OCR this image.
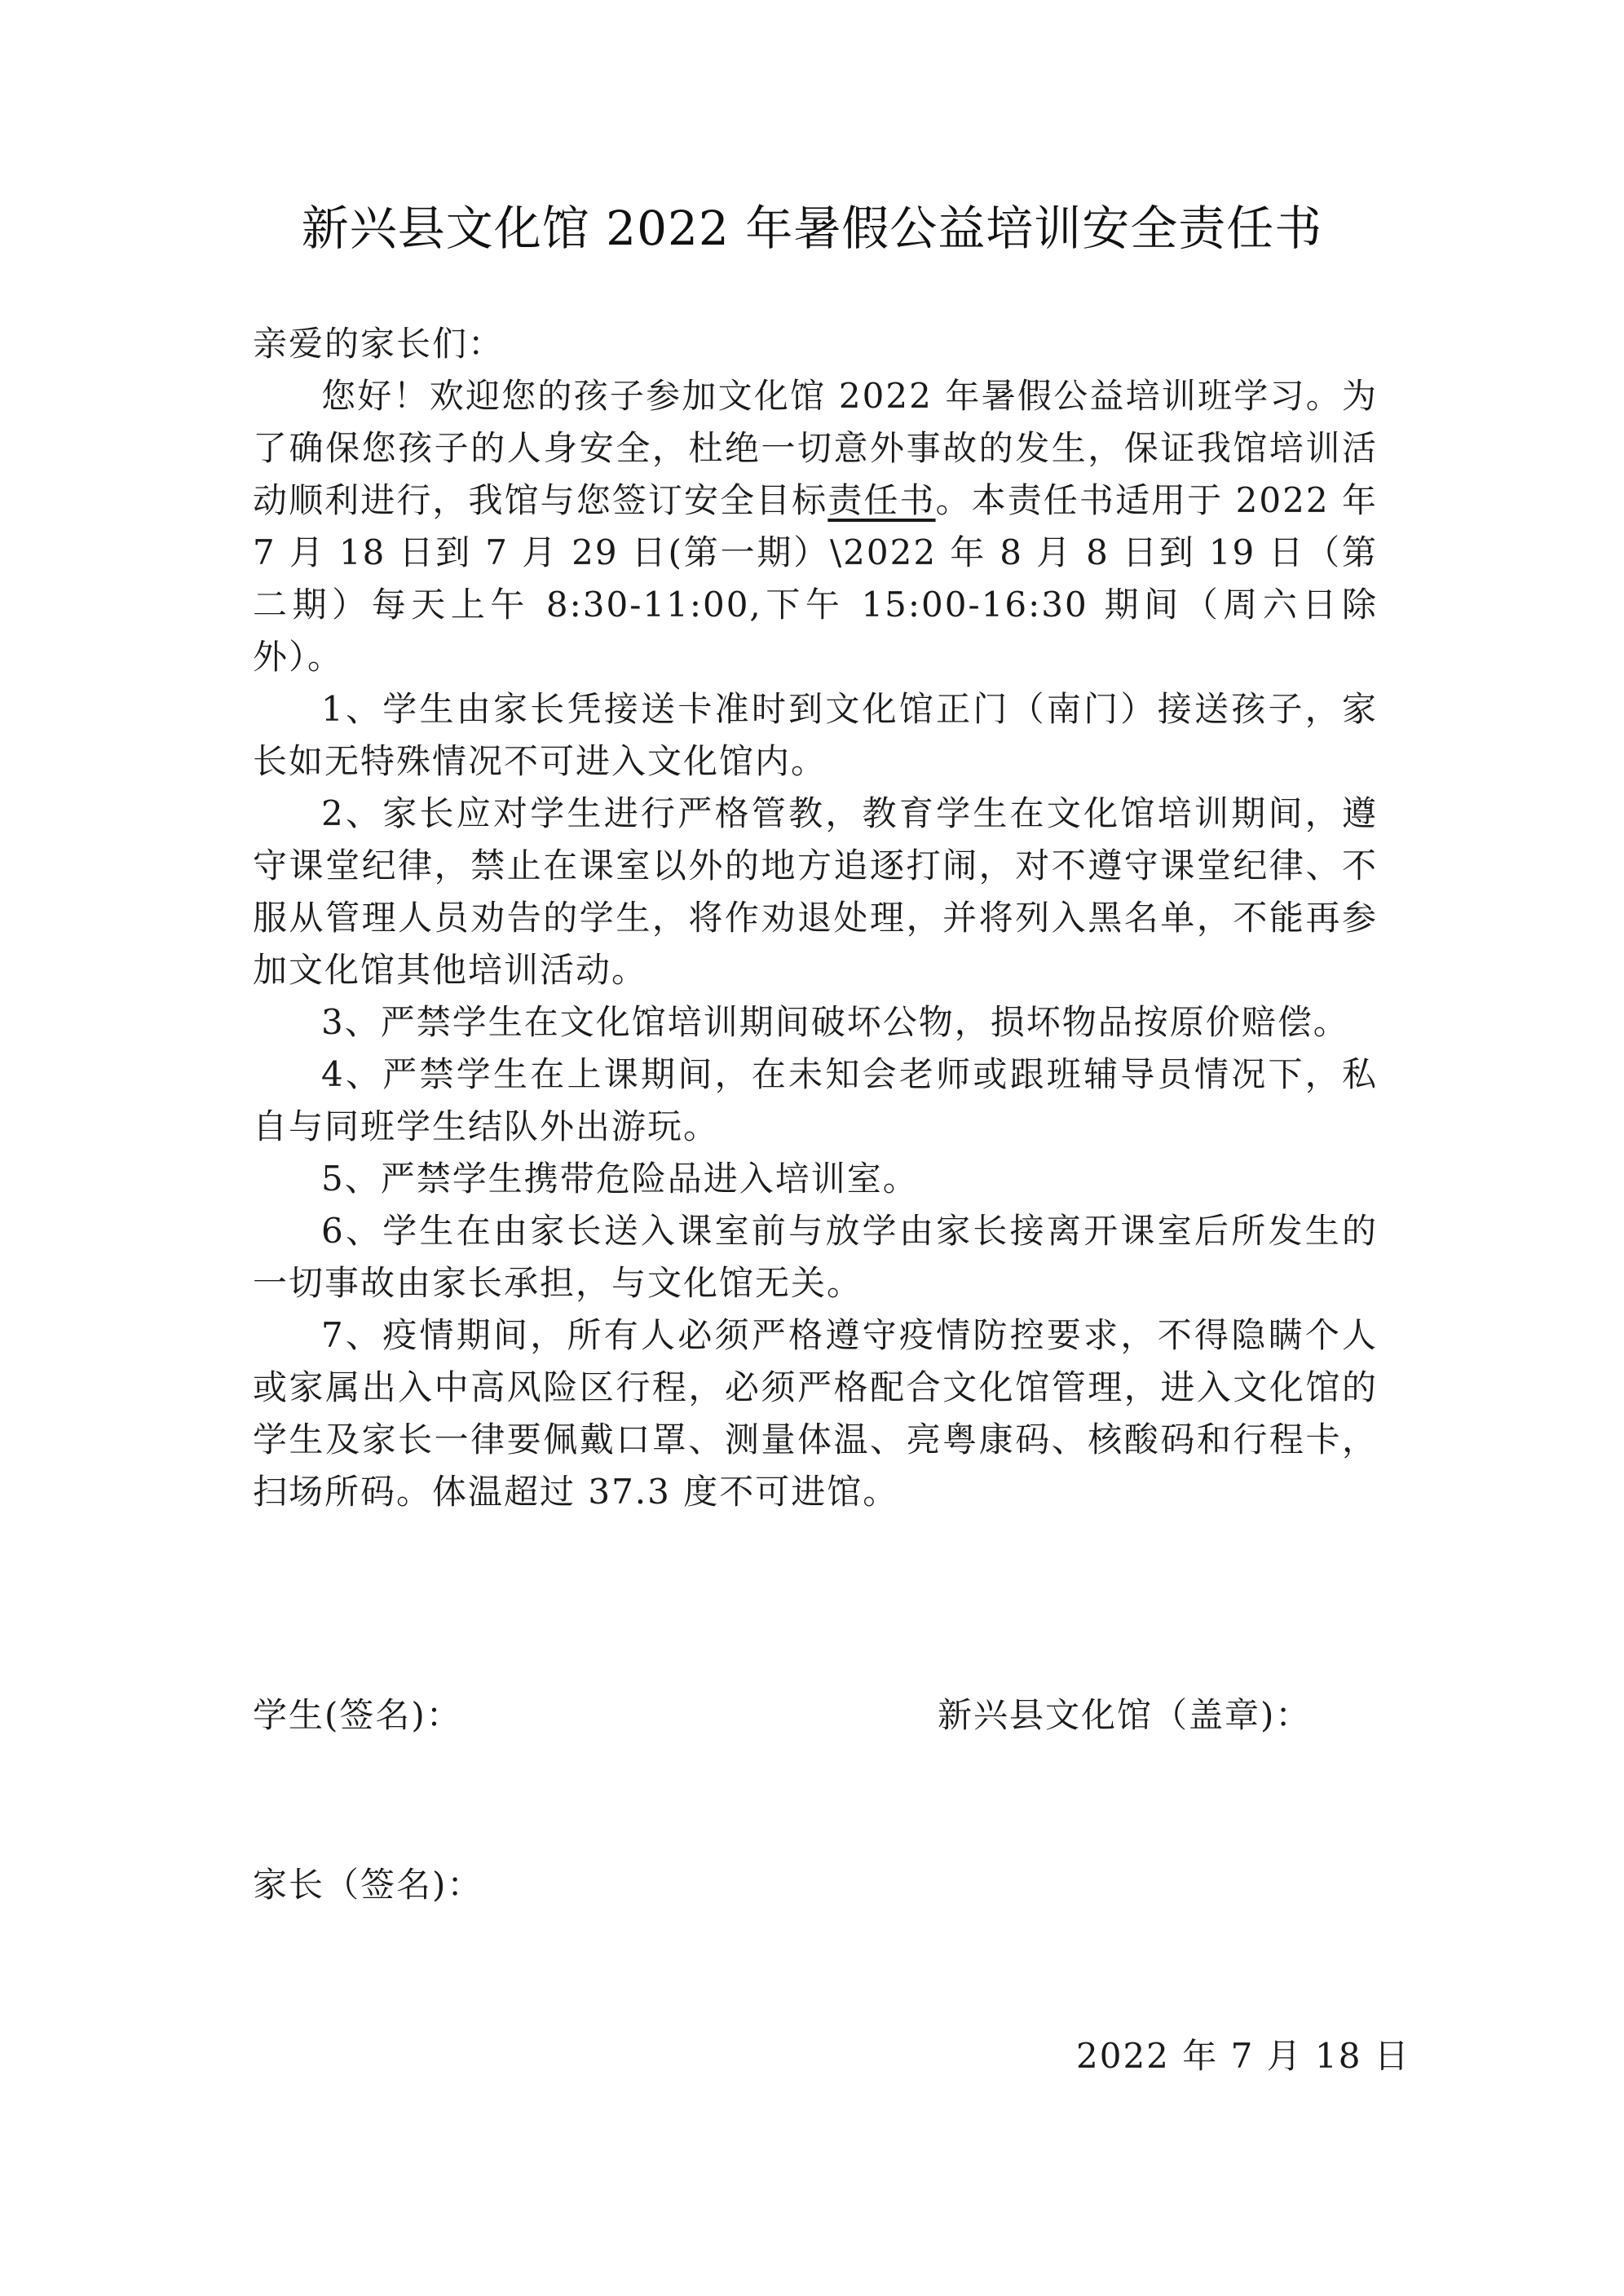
新兴县文化馆 2022 年暑假公益培训安全责任书

亲爱的家长们：

您好！欢迎您的孩子参加文化馆 2022 年暑假公益培训班学习。为了确保您孩子的人身安全，杜绝一切意外事故的发生，保证我馆培训活动顺利进行，我馆与您签订安全目标责任书。本责任书适用于 2022 年 7 月 18 日到 7 月 29 日(第一期）\2022 年 8 月 8 日到 19 日（第二期）每天上午 8:30-11:00,下午 15:00-16:30 期间（周六日除外）。

1、学生由家长凭接送卡准时到文化馆正门（南门）接送孩子，家长如无特殊情况不可进入文化馆内。

2、家长应对学生进行严格管教，教育学生在文化馆培训期间，遵守课堂纪律，禁止在课室以外的地方追逐打闹，对不遵守课堂纪律、不服从管理人员劝告的学生，将作劝退处理，并将列入黑名单，不能再参加文化馆其他培训活动。

3、严禁学生在文化馆培训期间破坏公物，损坏物品按原价赔偿。

4、严禁学生在上课期间，在未知会老师或跟班辅导员情况下，私自与同班学生结队外出游玩。

5、严禁学生携带危险品进入培训室。

6、学生在由家长送入课室前与放学由家长接离开课室后所发生的一切事故由家长承担，与文化馆无关。

7、疫情期间，所有人必须严格遵守疫情防控要求，不得隐瞒个人或家属出入中高风险区行程，必须严格配合文化馆管理，进入文化馆的学生及家长一律要佩戴口罩、测量体温、亮粤康码、核酸码和行程卡，扫场所码。体温超过 37.3 度不可进馆。

学生(签名)：	新兴县文化馆（盖章)：
家长（签名)：
2022 年 7 月 18 日
